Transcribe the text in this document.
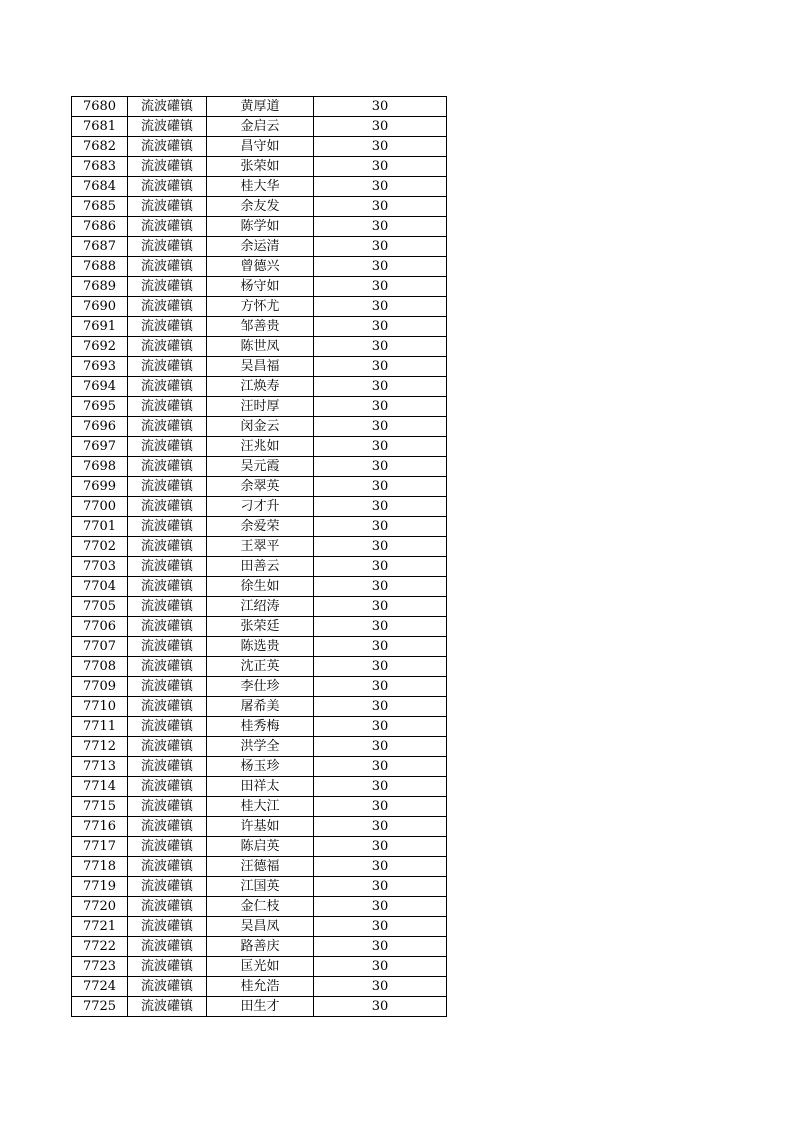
7680	流波礶镇	黄厚道	30
7681	流波礶镇	金启云	30
7682	流波礶镇	昌守如	30
7683	流波礶镇	张荣如	30
7684	流波礶镇	桂大华	30
7685	流波礶镇	余友发	30
7686	流波礶镇	陈学如	30
7687	流波礶镇	余运清	30
7688	流波礶镇	曾德兴	30
7689	流波礶镇	杨守如	30
7690	流波礶镇	方怀尤	30
7691	流波礶镇	邹善贵	30
7692	流波礶镇	陈世凤	30
7693	流波礶镇	吴昌福	30
7694	流波礶镇	江焕寿	30
7695	流波礶镇	汪时厚	30
7696	流波礶镇	闵金云	30
7697	流波礶镇	汪兆如	30
7698	流波礶镇	吴元霞	30
7699	流波礶镇	余翠英	30
7700	流波礶镇	刁才升	30
7701	流波礶镇	余爱荣	30
7702	流波礶镇	王翠平	30
7703	流波礶镇	田善云	30
7704	流波礶镇	徐生如	30
7705	流波礶镇	江绍涛	30
7706	流波礶镇	张荣廷	30
7707	流波礶镇	陈选贵	30
7708	流波礶镇	沈正英	30
7709	流波礶镇	李仕珍	30
7710	流波礶镇	屠希美	30
7711	流波礶镇	桂秀梅	30
7712	流波礶镇	洪学全	30
7713	流波礶镇	杨玉珍	30
7714	流波礶镇	田祥太	30
7715	流波礶镇	桂大江	30
7716	流波礶镇	许基如	30
7717	流波礶镇	陈启英	30
7718	流波礶镇	汪德福	30
7719	流波礶镇	江国英	30
7720	流波礶镇	金仁枝	30
7721	流波礶镇	吴昌凤	30
7722	流波礶镇	路善庆	30
7723	流波礶镇	匡光如	30
7724	流波礶镇	桂允浩	30
7725	流波礶镇	田生才	30
